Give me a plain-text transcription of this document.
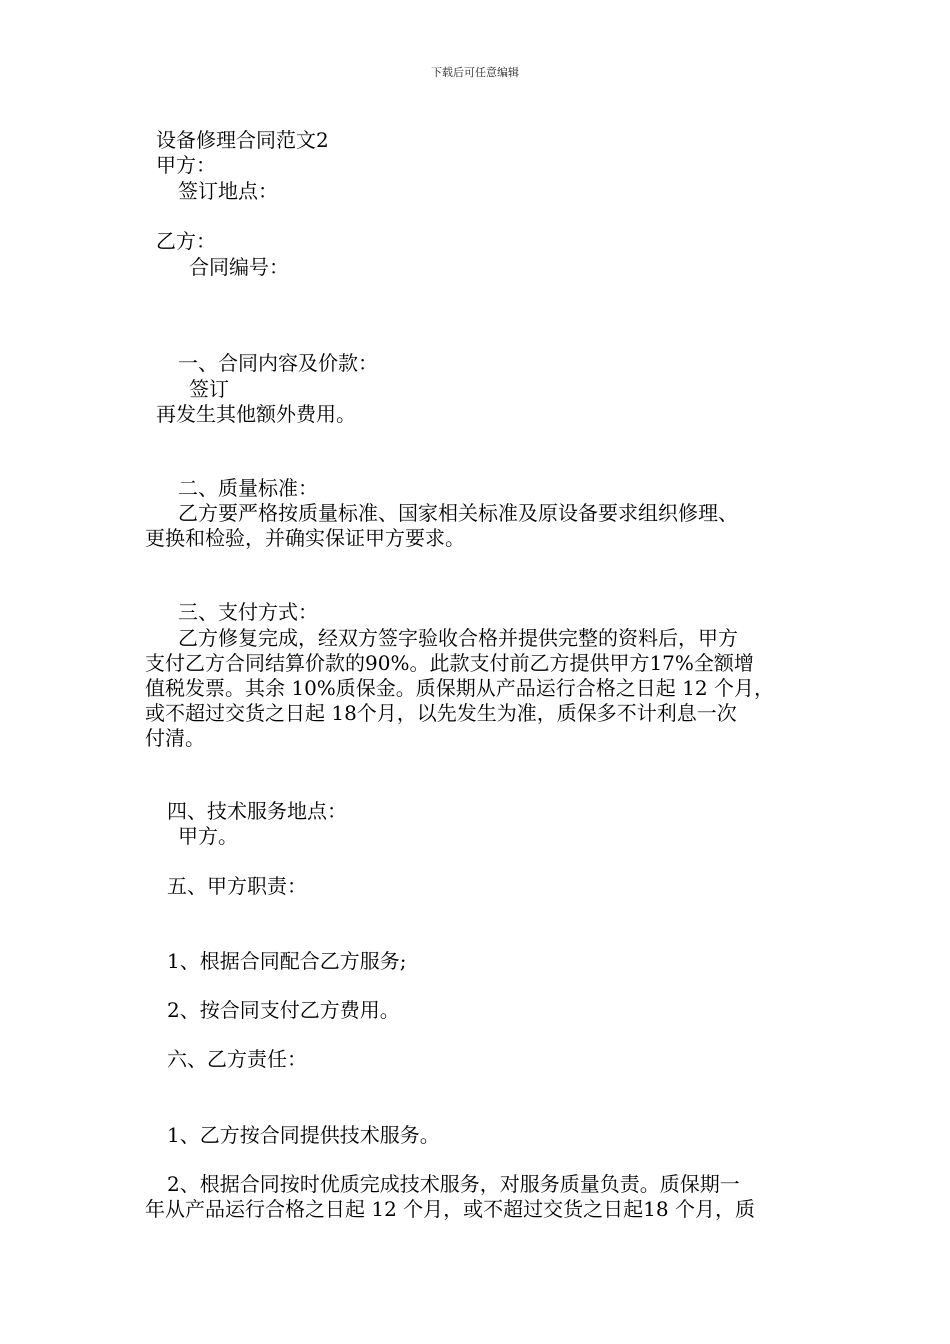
下载后可任意编辑
设备修理合同范文2
甲方：
签订地点：
乙方：
合同编号：
一、合同内容及价款：
签订
再发生其他额外费用。
二、质量标准：
乙方要严格按质量标准、国家相关标准及原设备要求组织修理、
更换和检验，并确实保证甲方要求。
三、支付方式：
乙方修复完成，经双方签字验收合格并提供完整的资料后，甲方
支付乙方合同结算价款的90%。此款支付前乙方提供甲方17%全额增
值税发票。其余 10%质保金。质保期从产品运行合格之日起 12 个月，
或不超过交货之日起 18个月，以先发生为准，质保多不计利息一次
付清。
四、技术服务地点：
甲方。
五、甲方职责：
1、根据合同配合乙方服务;
2、按合同支付乙方费用。
六、乙方责任：
1、乙方按合同提供技术服务。
2、根据合同按时优质完成技术服务，对服务质量负责。质保期一
年从产品运行合格之日起 12 个月，或不超过交货之日起18 个月，质
